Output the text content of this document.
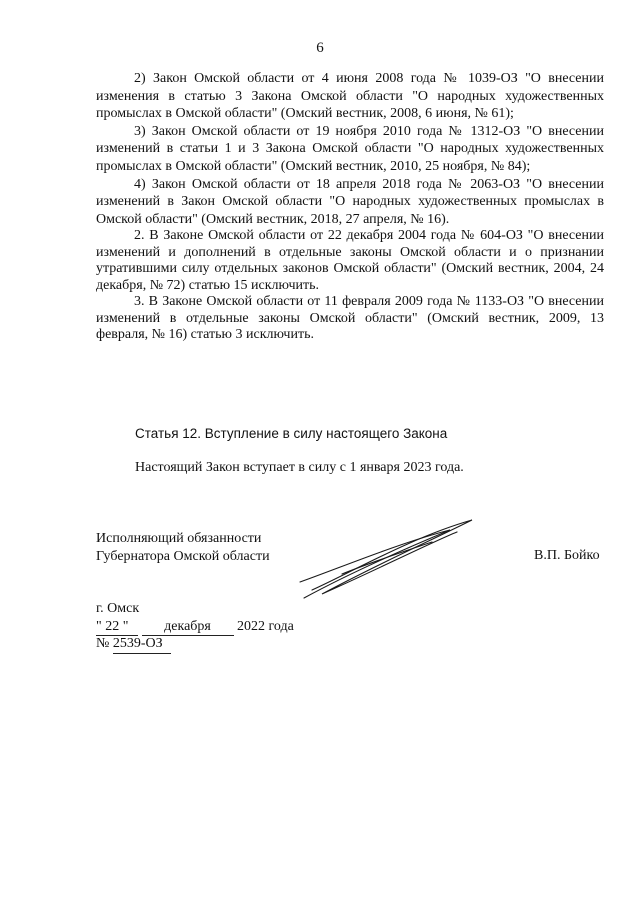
6

2) Закон Омской области от 4 июня 2008 года № 1039-ОЗ "О внесении изменения в статью 3 Закона Омской области "О народных художественных промыслах в Омской области" (Омский вестник, 2008, 6 июня, № 61);

3) Закон Омской области от 19 ноября 2010 года № 1312-ОЗ "О внесении изменений в статьи 1 и 3 Закона Омской области "О народных художественных промыслах в Омской области" (Омский вестник, 2010, 25 ноября, № 84);

4) Закон Омской области от 18 апреля 2018 года № 2063-ОЗ "О внесении изменений в Закон Омской области "О народных художественных промыслах в Омской области" (Омский вестник, 2018, 27 апреля, № 16).

2. В Законе Омской области от 22 декабря 2004 года № 604-ОЗ "О внесении изменений и дополнений в отдельные законы Омской области и о признании утратившими силу отдельных законов Омской области" (Омский вестник, 2004, 24 декабря, № 72) статью 15 исключить.

3. В Законе Омской области от 11 февраля 2009 года № 1133-ОЗ "О внесении изменений в отдельные законы Омской области" (Омский вестник, 2009, 13 февраля, № 16) статью 3 исключить.

Статья 12. Вступление в силу настоящего Закона
Настоящий Закон вступает в силу с 1 января 2023 года.
Исполняющий обязанности
Губернатора Омской области	В.П. Бойко
г. Омск
" 22 "	декабря 2022 года
№ 2539-ОЗ
